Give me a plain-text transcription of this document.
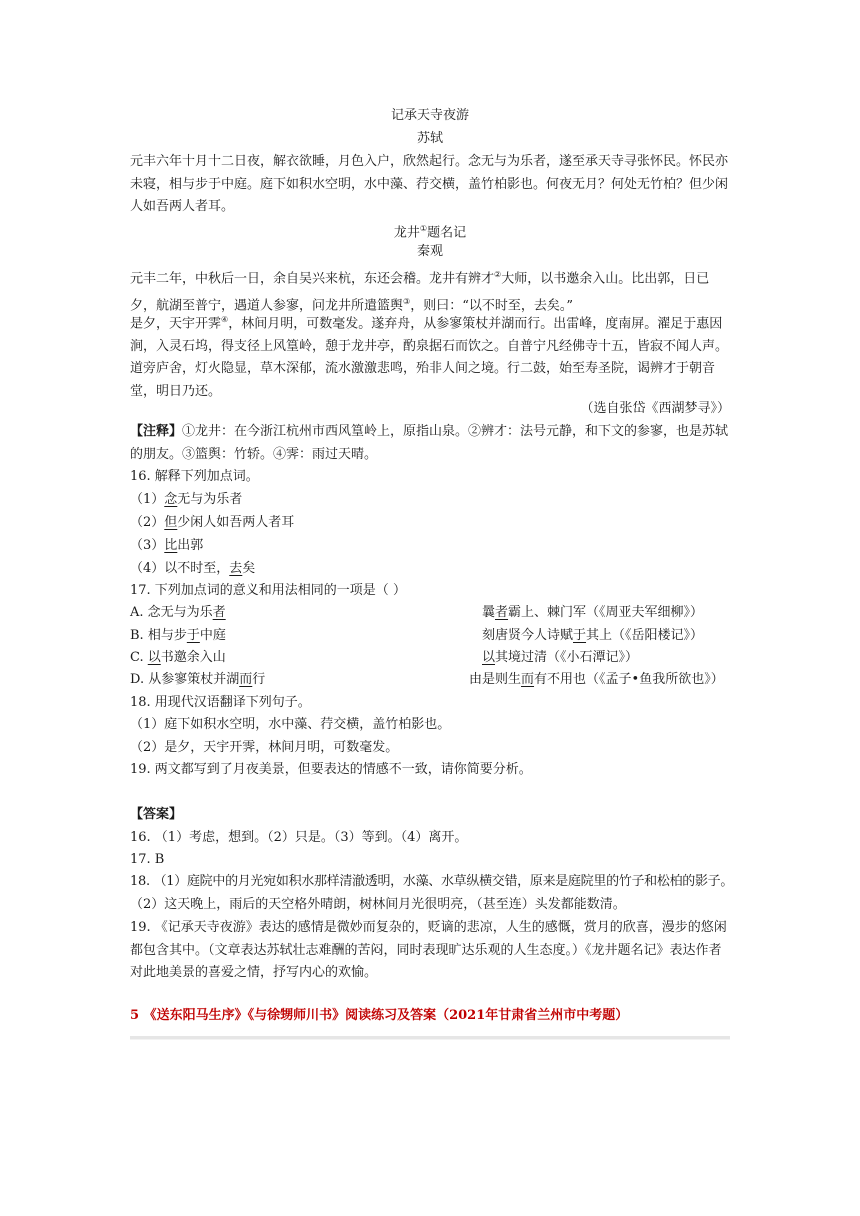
记承天寺夜游
苏轼
元丰六年十月十二日夜，解衣欲睡，月色入户，欣然起行。念无与为乐者，遂至承天寺寻张怀民。怀民亦未寝，相与步于中庭。庭下如积水空明，水中藻、荇交横，盖竹柏影也。何夜无月？何处无竹柏？但少闲人如吾两人者耳。
龙井①题名记
秦观
元丰二年，中秋后一日，余自吴兴来杭，东还会稽。龙井有辨才②大师，以书邀余入山。比出郭，日已夕，航湖至普宁，遇道人参寥，问龙井所遣篮舆③，则曰：“以不时至，去矣。”
是夕，天宇开霁④，林间月明，可数毫发。遂弃舟，从参寥策杖并湖而行。出雷峰，度南屏。濯足于惠因涧，入灵石坞，得支径上风篁岭，憩于龙井亭，酌泉据石而饮之。自普宁凡经佛寺十五，皆寂不闻人声。道旁庐舍，灯火隐显，草木深郁，流水激激悲鸣，殆非人间之境。行二鼓，始至寿圣院，谒辨才于朝音堂，明日乃还。
（选自张岱《西湖梦寻》）
【注释】①龙井：在今浙江杭州市西风篁岭上，原指山泉。②辨才：法号元静，和下文的参寥，也是苏轼的朋友。③篮舆：竹轿。④霁：雨过天晴。
16. 解释下列加点词。
（1）念无与为乐者
（2）但少闲人如吾两人者耳
（3）比出郭
（4）以不时至，去矣
17. 下列加点词的意义和用法相同的一项是（ ）
A. 念无与为乐者	曩者霸上、棘门军（《周亚夫军细柳》）
B. 相与步于中庭	刻唐贤今人诗赋于其上（《岳阳楼记》）
C. 以书邀余入山	以其境过清（《小石潭记》）
D. 从参寥策杖并湖而行	由是则生而有不用也（《孟子•鱼我所欲也》）
18. 用现代汉语翻译下列句子。
（1）庭下如积水空明，水中藻、荇交横，盖竹柏影也。
（2）是夕，天宇开霁，林间月明，可数毫发。
19. 两文都写到了月夜美景，但要表达的情感不一致，请你简要分析。
【答案】
16. （1）考虑，想到。（2）只是。（3）等到。（4）离开。
17. B
18. （1）庭院中的月光宛如积水那样清澈透明，水藻、水草纵横交错，原来是庭院里的竹子和松柏的影子。
（2）这天晚上，雨后的天空格外晴朗，树林间月光很明亮，（甚至连）头发都能数清。
19. 《记承天寺夜游》表达的感情是微妙而复杂的，贬谪的悲凉，人生的感慨，赏月的欣喜，漫步的悠闲都包含其中。（文章表达苏轼壮志难酬的苦闷，同时表现旷达乐观的人生态度。）《龙井题名记》表达作者对此地美景的喜爱之情，抒写内心的欢愉。
5 《送东阳马生序》《与徐甥师川书》阅读练习及答案（2021年甘肃省兰州市中考题）
